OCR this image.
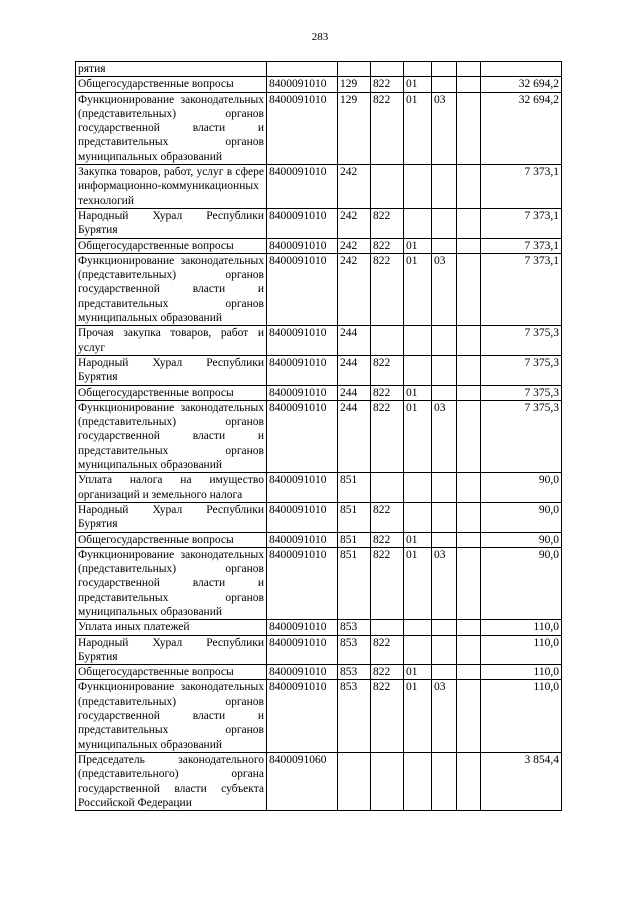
283
рятия							
Общегосударственные вопросы	8400091010	129	822	01			32 694,2
Функционирование законодательных (представительных) органов государственной власти и представительных органов муниципальных образований	8400091010	129	822	01	03		32 694,2
Закупка товаров, работ, услуг в сфере информационно-коммуникационных технологий	8400091010	242					7 373,1
Народный Хурал Республики Бурятия	8400091010	242	822				7 373,1
Общегосударственные вопросы	8400091010	242	822	01			7 373,1
Функционирование законодательных (представительных) органов государственной власти и представительных органов муниципальных образований	8400091010	242	822	01	03		7 373,1
Прочая закупка товаров, работ и услуг	8400091010	244					7 375,3
Народный Хурал Республики Бурятия	8400091010	244	822				7 375,3
Общегосударственные вопросы	8400091010	244	822	01			7 375,3
Функционирование законодательных (представительных) органов государственной власти и представительных органов муниципальных образований	8400091010	244	822	01	03		7 375,3
Уплата налога на имущество организаций и земельного налога	8400091010	851					90,0
Народный Хурал Республики Бурятия	8400091010	851	822				90,0
Общегосударственные вопросы	8400091010	851	822	01			90,0
Функционирование законодательных (представительных) органов государственной власти и представительных органов муниципальных образований	8400091010	851	822	01	03		90,0
Уплата иных платежей	8400091010	853					110,0
Народный Хурал Республики Бурятия	8400091010	853	822				110,0
Общегосударственные вопросы	8400091010	853	822	01			110,0
Функционирование законодательных (представительных) органов государственной власти и представительных органов муниципальных образований	8400091010	853	822	01	03		110,0
Председатель законодательного (представительного) органа государственной власти субъекта Российской Федерации	8400091060						3 854,4
